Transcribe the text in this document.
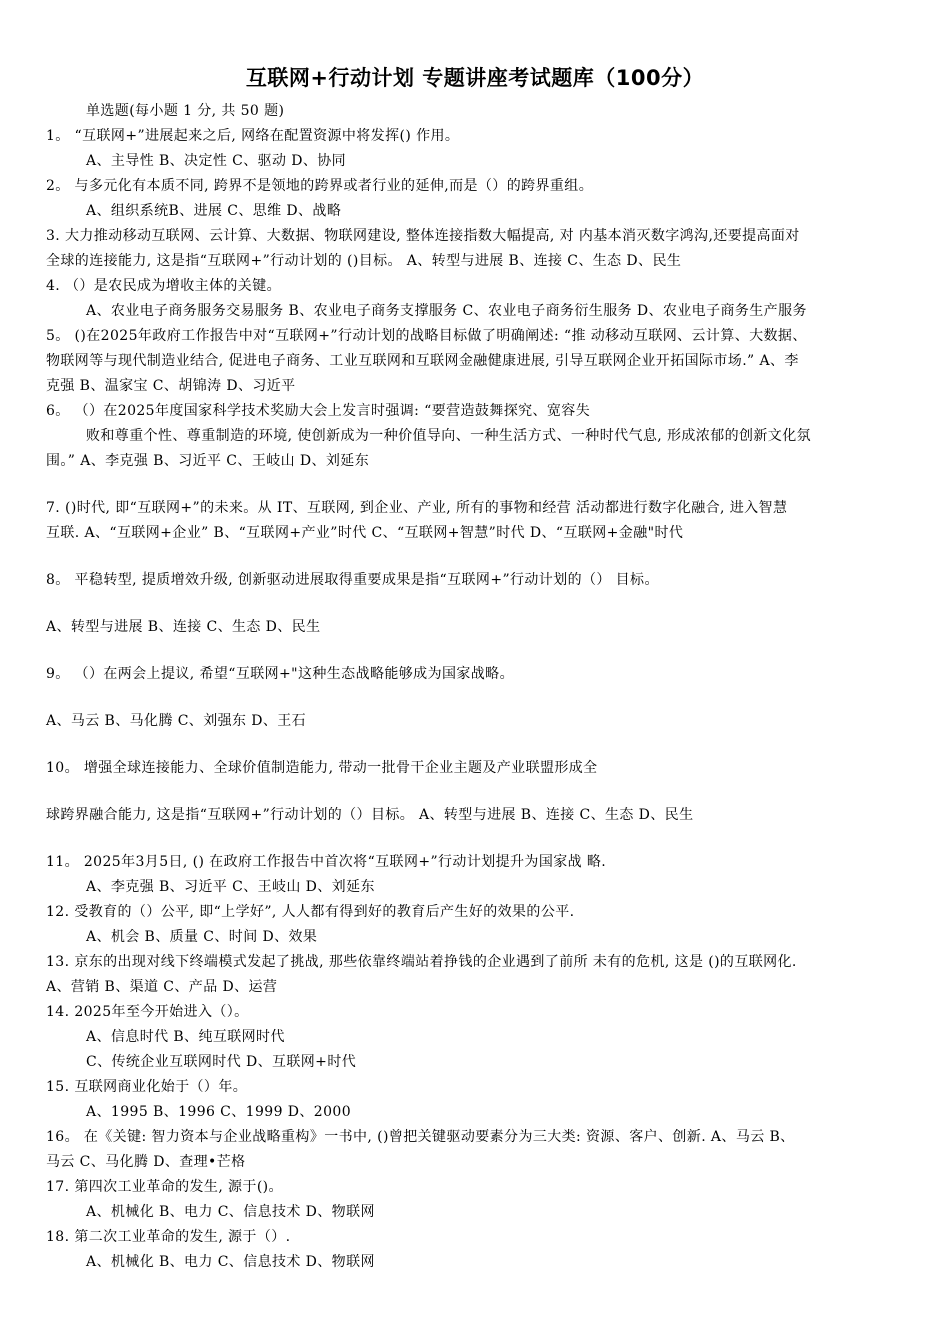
互联网+行动计划 专题讲座考试题库（100分）
单选题(每小题 1 分, 共 50 题)
1。 “互联网+”进展起来之后, 网络在配置资源中将发挥() 作用。
A、主导性 B、决定性 C、驱动 D、协同
2。 与多元化有本质不同, 跨界不是领地的跨界或者行业的延伸,而是（）的跨界重组。
A、组织系统B、进展 C、思维 D、战略
3. 大力推动移动互联网、云计算、大数据、物联网建设, 整体连接指数大幅提高, 对 内基本消灭数字鸿沟,还要提高面对
全球的连接能力, 这是指“互联网+”行动计划的 ()目标。 A、转型与进展 B、连接 C、生态 D、民生
4. （）是农民成为增收主体的关键。
A、农业电子商务服务交易服务 B、农业电子商务支撑服务 C、农业电子商务衍生服务 D、农业电子商务生产服务
5。 ()在2025年政府工作报告中对“互联网+”行动计划的战略目标做了明确阐述: “推 动移动互联网、云计算、大数据、
物联网等与现代制造业结合, 促进电子商务、工业互联网和互联网金融健康进展, 引导互联网企业开拓国际市场.” A、李
克强 B、温家宝 C、胡锦涛 D、习近平
6。 （）在2025年度国家科学技术奖励大会上发言时强调: “要营造鼓舞探究、宽容失
败和尊重个性、尊重制造的环境, 使创新成为一种价值导向、一种生活方式、一种时代气息, 形成浓郁的创新文化氛
围。” A、李克强 B、习近平 C、王岐山 D、刘延东
7. ()时代, 即“互联网+”的未来。从 IT、互联网, 到企业、产业, 所有的事物和经营 活动都进行数字化融合, 进入智慧
互联. A、“互联网+企业” B、“互联网+产业”时代 C、“互联网+智慧”时代 D、“互联网+金融"时代
8。 平稳转型, 提质增效升级, 创新驱动进展取得重要成果是指“互联网+”行动计划的（） 目标。
A、转型与进展 B、连接 C、生态 D、民生
9。 （）在两会上提议, 希望“互联网+"这种生态战略能够成为国家战略。
A、马云 B、马化腾 C、刘强东 D、王石
10。 增强全球连接能力、全球价值制造能力, 带动一批骨干企业主题及产业联盟形成全
球跨界融合能力, 这是指“互联网+”行动计划的（）目标。 A、转型与进展 B、连接 C、生态 D、民生
11。 2025年3月5日, () 在政府工作报告中首次将“互联网+”行动计划提升为国家战 略.
A、李克强 B、习近平 C、王岐山 D、刘延东
12. 受教育的（）公平, 即“上学好”, 人人都有得到好的教育后产生好的效果的公平.
A、机会 B、质量 C、时间 D、效果
13. 京东的出现对线下终端模式发起了挑战, 那些依靠终端站着挣钱的企业遇到了前所 未有的危机, 这是 ()的互联网化.
A、营销 B、渠道 C、产品 D、运营
14. 2025年至今开始进入（）。
A、信息时代 B、纯互联网时代
C、传统企业互联网时代 D、互联网+时代
15. 互联网商业化始于（）年。
A、1995 B、1996 C、1999 D、2000
16。 在《关键: 智力资本与企业战略重构》一书中, ()曾把关键驱动要素分为三大类: 资源、客户、创新. A、马云 B、
马云 C、马化腾 D、查理•芒格
17. 第四次工业革命的发生, 源于()。
A、机械化 B、电力 C、信息技术 D、物联网
18. 第二次工业革命的发生, 源于（）.
A、机械化 B、电力 C、信息技术 D、物联网
